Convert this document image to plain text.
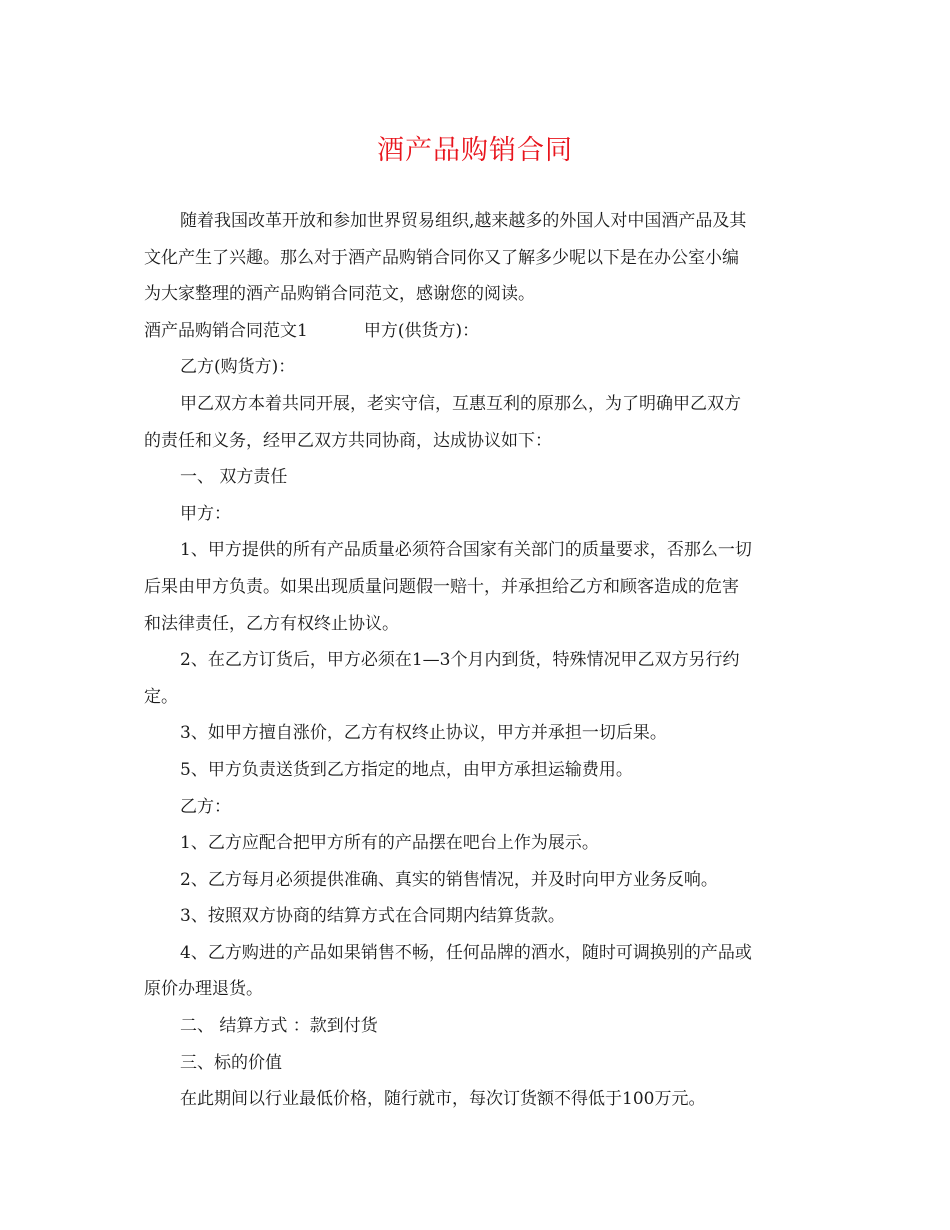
酒产品购销合同

随着我国改革开放和参加世界贸易组织,越来越多的外国人对中国酒产品及其

文化产生了兴趣。那么对于酒产品购销合同你又了解多少呢以下是在办公室小编

为大家整理的酒产品购销合同范文，感谢您的阅读。

酒产品购销合同范文1	甲方(供货方)：

乙方(购货方)：

甲乙双方本着共同开展，老实守信，互惠互利的原那么，为了明确甲乙双方

的责任和义务，经甲乙双方共同协商，达成协议如下：

一、 双方责任

甲方：

1、甲方提供的所有产品质量必须符合国家有关部门的质量要求，否那么一切

后果由甲方负责。如果出现质量问题假一赔十，并承担给乙方和顾客造成的危害

和法律责任，乙方有权终止协议。

2、在乙方订货后，甲方必须在1—3个月内到货，特殊情况甲乙双方另行约

定。

3、如甲方擅自涨价，乙方有权终止协议，甲方并承担一切后果。

5、甲方负责送货到乙方指定的地点，由甲方承担运输费用。

乙方：

1、乙方应配合把甲方所有的产品摆在吧台上作为展示。

2、乙方每月必须提供准确、真实的销售情况，并及时向甲方业务反响。

3、按照双方协商的结算方式在合同期内结算货款。

4、乙方购进的产品如果销售不畅，任何品牌的酒水，随时可调换别的产品或

原价办理退货。

二、 结算方式 ：款到付货

三、标的价值

在此期间以行业最低价格，随行就市，每次订货额不得低于100万元。
